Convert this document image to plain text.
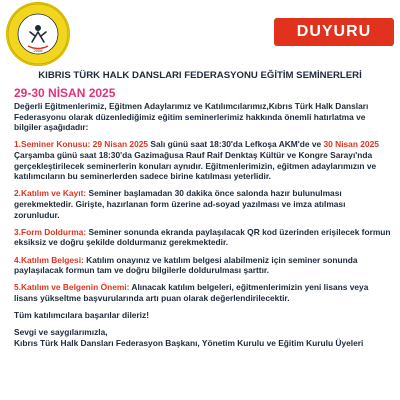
2006
DUYURU
KIBRIS TÜRK HALK DANSLARI FEDERASYONU EĞİTİM SEMİNERLERİ
29-30 NİSAN 2025

Değerli Eğitmenlerimiz, Eğitmen Adaylarımız ve Katılımcılarımız,Kıbrıs Türk Halk Dansları Federasyonu olarak düzenlediğimiz eğitim seminerlerimiz hakkında önemli hatırlatma ve bilgiler aşağıdadır:

1.Seminer Konusu: 29 Nisan 2025 Salı günü saat 18:30'da Lefkoşa AKM'de ve 30 Nisan 2025 Çarşamba günü saat 18:30'da Gazimağusa Rauf Raif Denktaş Kültür ve Kongre Sarayı'nda gerçekleştirilecek seminerlerin konuları aynıdır. Eğitmenlerimizin, eğitmen adaylarımızın ve katılımcıların bu seminerlerden sadece birine katılması yeterlidir.

2.Katılım ve Kayıt: Seminer başlamadan 30 dakika önce salonda hazır bulunulması gerekmektedir. Girişte, hazırlanan form üzerine ad-soyad yazılması ve imza atılması zorunludur.

3.Form Doldurma: Seminer sonunda ekranda paylaşılacak QR kod üzerinden erişilecek formun eksiksiz ve doğru şekilde doldurmanız gerekmektedir.

4.Katılım Belgesi: Katılım onayınız ve katılım belgesi alabilmeniz için seminer sonunda paylaşılacak formun tam ve doğru bilgilerle doldurulması şarttır.

5.Katılım ve Belgenin Önemi: Alınacak katılım belgeleri, eğitmenlerimizin yeni lisans veya lisans yükseltme başvurularında artı puan olarak değerlendirilecektir.

Tüm katılımcılara başarılar dileriz!

Sevgi ve saygılarımızla,
Kıbrıs Türk Halk Dansları Federasyon Başkanı, Yönetim Kurulu ve Eğitim Kurulu Üyeleri
